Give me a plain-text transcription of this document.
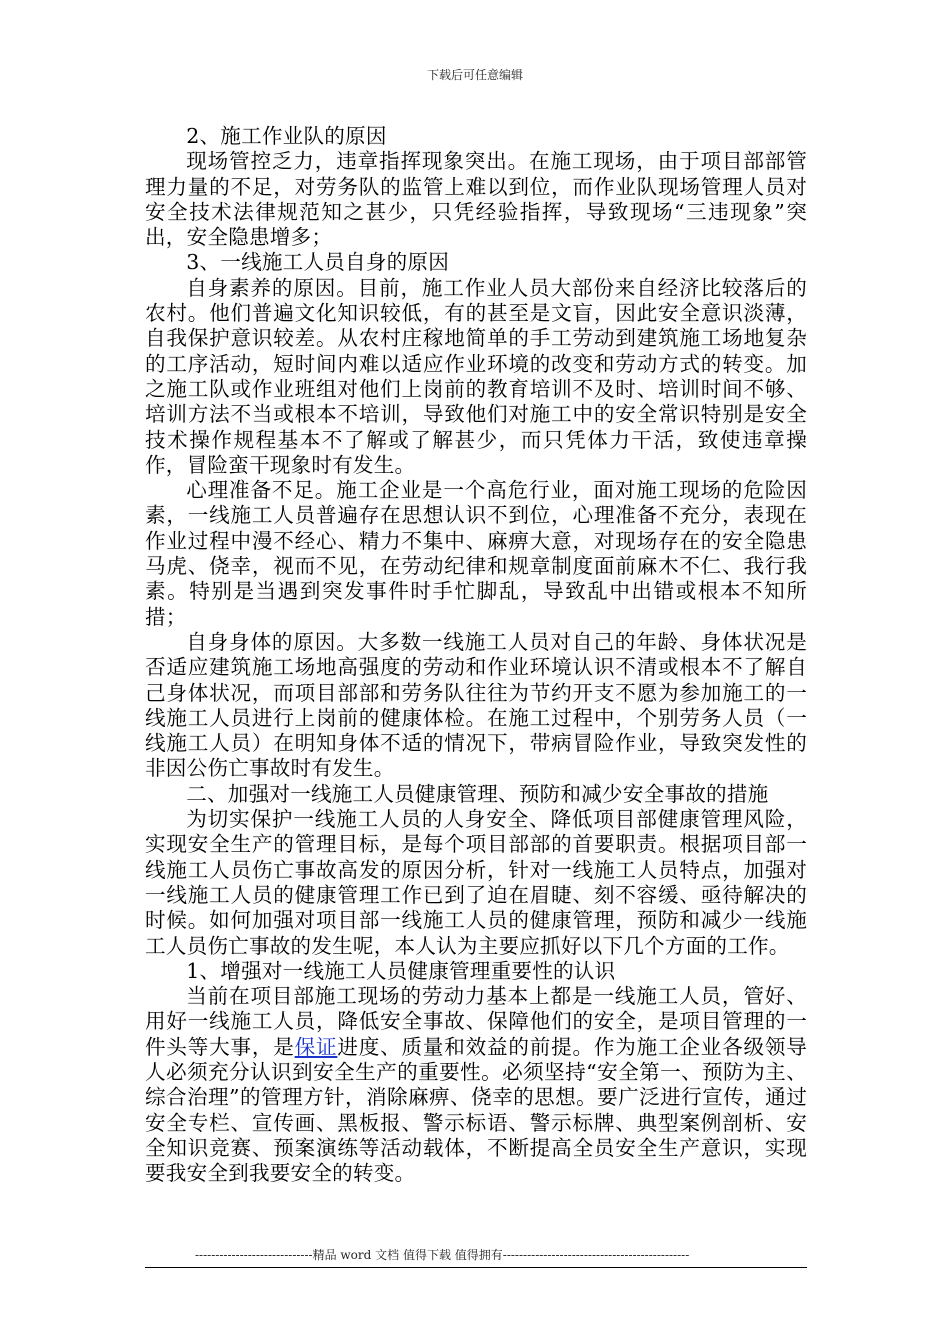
下载后可任意编辑

2、施工作业队的原因

现场管控乏力，违章指挥现象突出。在施工现场，由于项目部部管理力量的不足，对劳务队的监管上难以到位，而作业队现场管理人员对安全技术法律规范知之甚少，只凭经验指挥，导致现场“三违现象”突出，安全隐患增多；

3、一线施工人员自身的原因

自身素养的原因。目前，施工作业人员大部份来自经济比较落后的农村。他们普遍文化知识较低，有的甚至是文盲，因此安全意识淡薄，自我保护意识较差。从农村庄稼地简单的手工劳动到建筑施工场地复杂的工序活动，短时间内难以适应作业环境的改变和劳动方式的转变。加之施工队或作业班组对他们上岗前的教育培训不及时、培训时间不够、培训方法不当或根本不培训，导致他们对施工中的安全常识特别是安全技术操作规程基本不了解或了解甚少，而只凭体力干活，致使违章操作，冒险蛮干现象时有发生。

心理准备不足。施工企业是一个高危行业，面对施工现场的危险因素，一线施工人员普遍存在思想认识不到位，心理准备不充分，表现在作业过程中漫不经心、精力不集中、麻痹大意，对现场存在的安全隐患马虎、侥幸，视而不见，在劳动纪律和规章制度面前麻木不仁、我行我素。特别是当遇到突发事件时手忙脚乱，导致乱中出错或根本不知所措；

自身身体的原因。大多数一线施工人员对自己的年龄、身体状况是否适应建筑施工场地高强度的劳动和作业环境认识不清或根本不了解自己身体状况，而项目部部和劳务队往往为节约开支不愿为参加施工的一线施工人员进行上岗前的健康体检。在施工过程中，个别劳务人员（一线施工人员）在明知身体不适的情况下，带病冒险作业，导致突发性的非因公伤亡事故时有发生。

二、加强对一线施工人员健康管理、预防和减少安全事故的措施

为切实保护一线施工人员的人身安全、降低项目部健康管理风险，实现安全生产的管理目标，是每个项目部部的首要职责。根据项目部一线施工人员伤亡事故高发的原因分析，针对一线施工人员特点，加强对一线施工人员的健康管理工作已到了迫在眉睫、刻不容缓、亟待解决的时候。如何加强对项目部一线施工人员的健康管理，预防和减少一线施工人员伤亡事故的发生呢，本人认为主要应抓好以下几个方面的工作。

1、增强对一线施工人员健康管理重要性的认识

当前在项目部施工现场的劳动力基本上都是一线施工人员，管好、用好一线施工人员，降低安全事故、保障他们的安全，是项目管理的一件头等大事，是保证进度、质量和效益的前提。作为施工企业各级领导人必须充分认识到安全生产的重要性。必须坚持“安全第一、预防为主、综合治理”的管理方针，消除麻痹、侥幸的思想。要广泛进行宣传，通过安全专栏、宣传画、黑板报、警示标语、警示标牌、典型案例剖析、安全知识竞赛、预案演练等活动载体，不断提高全员安全生产意识，实现要我安全到我要安全的转变。

-----------------------------精品 word 文档 值得下载 值得拥有----------------------------------------------
